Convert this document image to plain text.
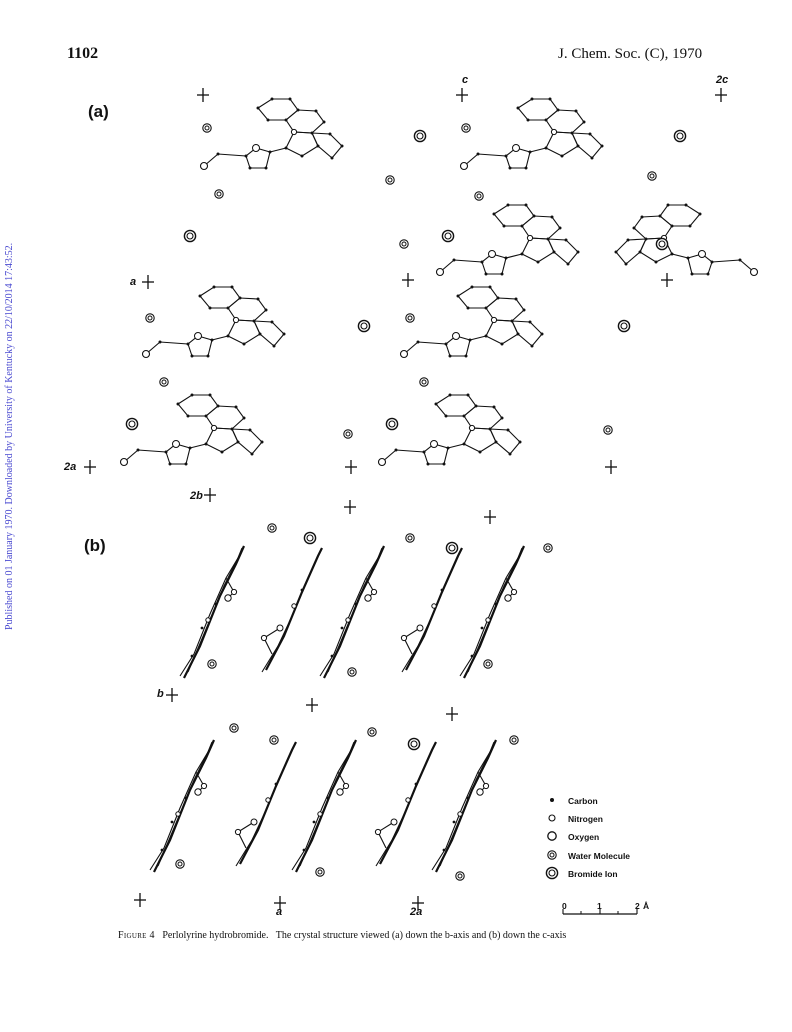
1102	J. Chem. Soc. (C), 1970
Published on 01 January 1970. Downloaded by University of Kentucky on 22/10/2014 17:43:52.
(a)
(b)
c	2c
a
2a
2b
b
a	2a
Carbon
Nitrogen
Oxygen
Water Molecule
Bromide Ion
0	1	2 Å
Figure 4 Perlolyrine hydrobromide. The crystal structure viewed (a) down the b-axis and (b) down the c-axis
